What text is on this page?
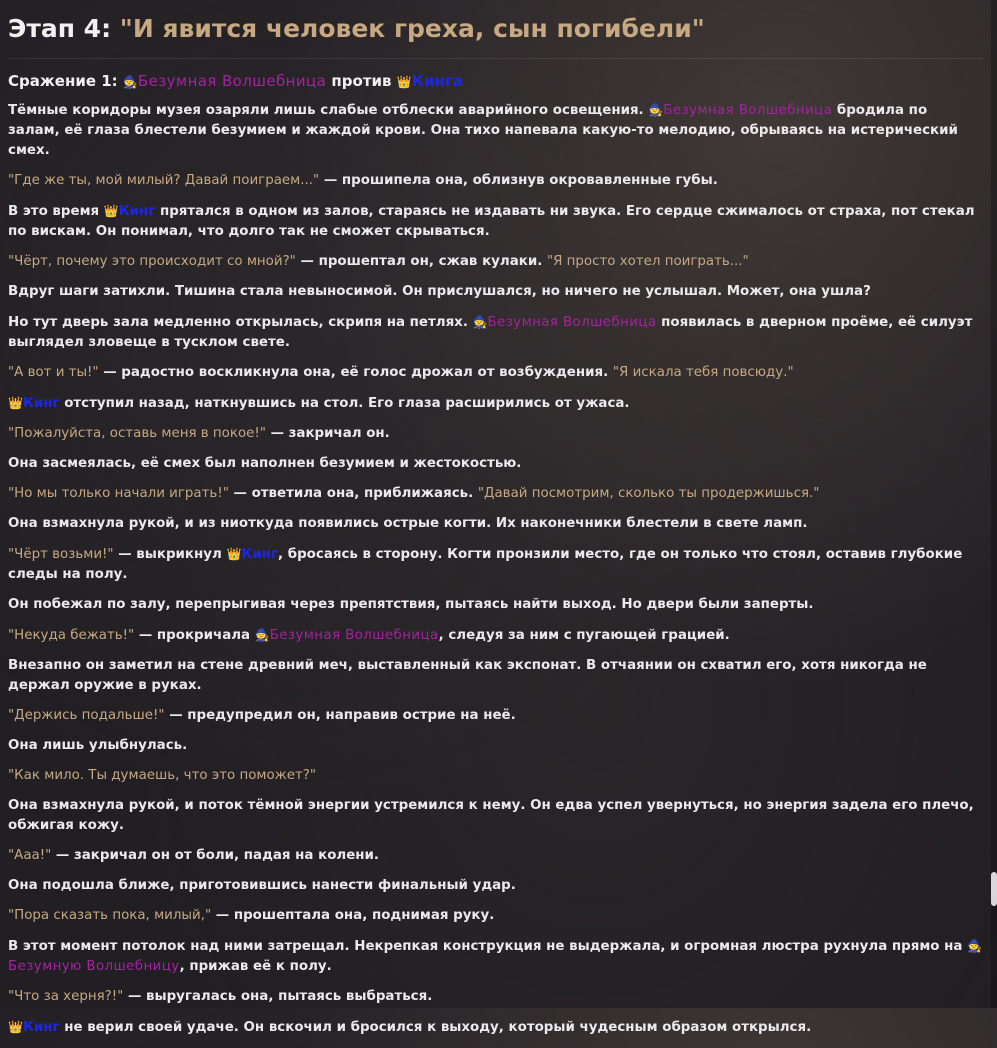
Этап 4: "И явится человек греха, сын погибели"
Сражение 1: 🧙Безумная Волшебница против 👑Кинга

Тёмные коридоры музея озаряли лишь слабые отблески аварийного освещения. 🧙Безумная Волшебница бродила по залам, её глаза блестели безумием и жаждой крови. Она тихо напевала какую-то мелодию, обрываясь на истерический смех.

"Где же ты, мой милый? Давай поиграем..." — прошипела она, облизнув окровавленные губы.

В это время 👑Кинг прятался в одном из залов, стараясь не издавать ни звука. Его сердце сжималось от страха, пот стекал по вискам. Он понимал, что долго так не сможет скрываться.

"Чёрт, почему это происходит со мной?" — прошептал он, сжав кулаки. "Я просто хотел поиграть..."

Вдруг шаги затихли. Тишина стала невыносимой. Он прислушался, но ничего не услышал. Может, она ушла?

Но тут дверь зала медленно открылась, скрипя на петлях. 🧙Безумная Волшебница появилась в дверном проёме, её силуэт выглядел зловеще в тусклом свете.

"А вот и ты!" — радостно воскликнула она, её голос дрожал от возбуждения. "Я искала тебя повсюду."

👑Кинг отступил назад, наткнувшись на стол. Его глаза расширились от ужаса.

"Пожалуйста, оставь меня в покое!" — закричал он.

Она засмеялась, её смех был наполнен безумием и жестокостью.

"Но мы только начали играть!" — ответила она, приближаясь. "Давай посмотрим, сколько ты продержишься."

Она взмахнула рукой, и из ниоткуда появились острые когти. Их наконечники блестели в свете ламп.

"Чёрт возьми!" — выкрикнул 👑Кинг, бросаясь в сторону. Когти пронзили место, где он только что стоял, оставив глубокие следы на полу.

Он побежал по залу, перепрыгивая через препятствия, пытаясь найти выход. Но двери были заперты.

"Некуда бежать!" — прокричала 🧙Безумная Волшебница, следуя за ним с пугающей грацией.

Внезапно он заметил на стене древний меч, выставленный как экспонат. В отчаянии он схватил его, хотя никогда не держал оружие в руках.

"Держись подальше!" — предупредил он, направив острие на неё.

Она лишь улыбнулась.

"Как мило. Ты думаешь, что это поможет?"

Она взмахнула рукой, и поток тёмной энергии устремился к нему. Он едва успел увернуться, но энергия задела его плечо, обжигая кожу.

"Ааа!" — закричал он от боли, падая на колени.

Она подошла ближе, приготовившись нанести финальный удар.

"Пора сказать пока, милый," — прошептала она, поднимая руку.

В этот момент потолок над ними затрещал. Некрепкая конструкция не выдержала, и огромная люстра рухнула прямо на 🧙Безумную Волшебницу, прижав её к полу.

"Что за херня?!" — выругалась она, пытаясь выбраться.

👑Кинг не верил своей удаче. Он вскочил и бросился к выходу, который чудесным образом открылся.
